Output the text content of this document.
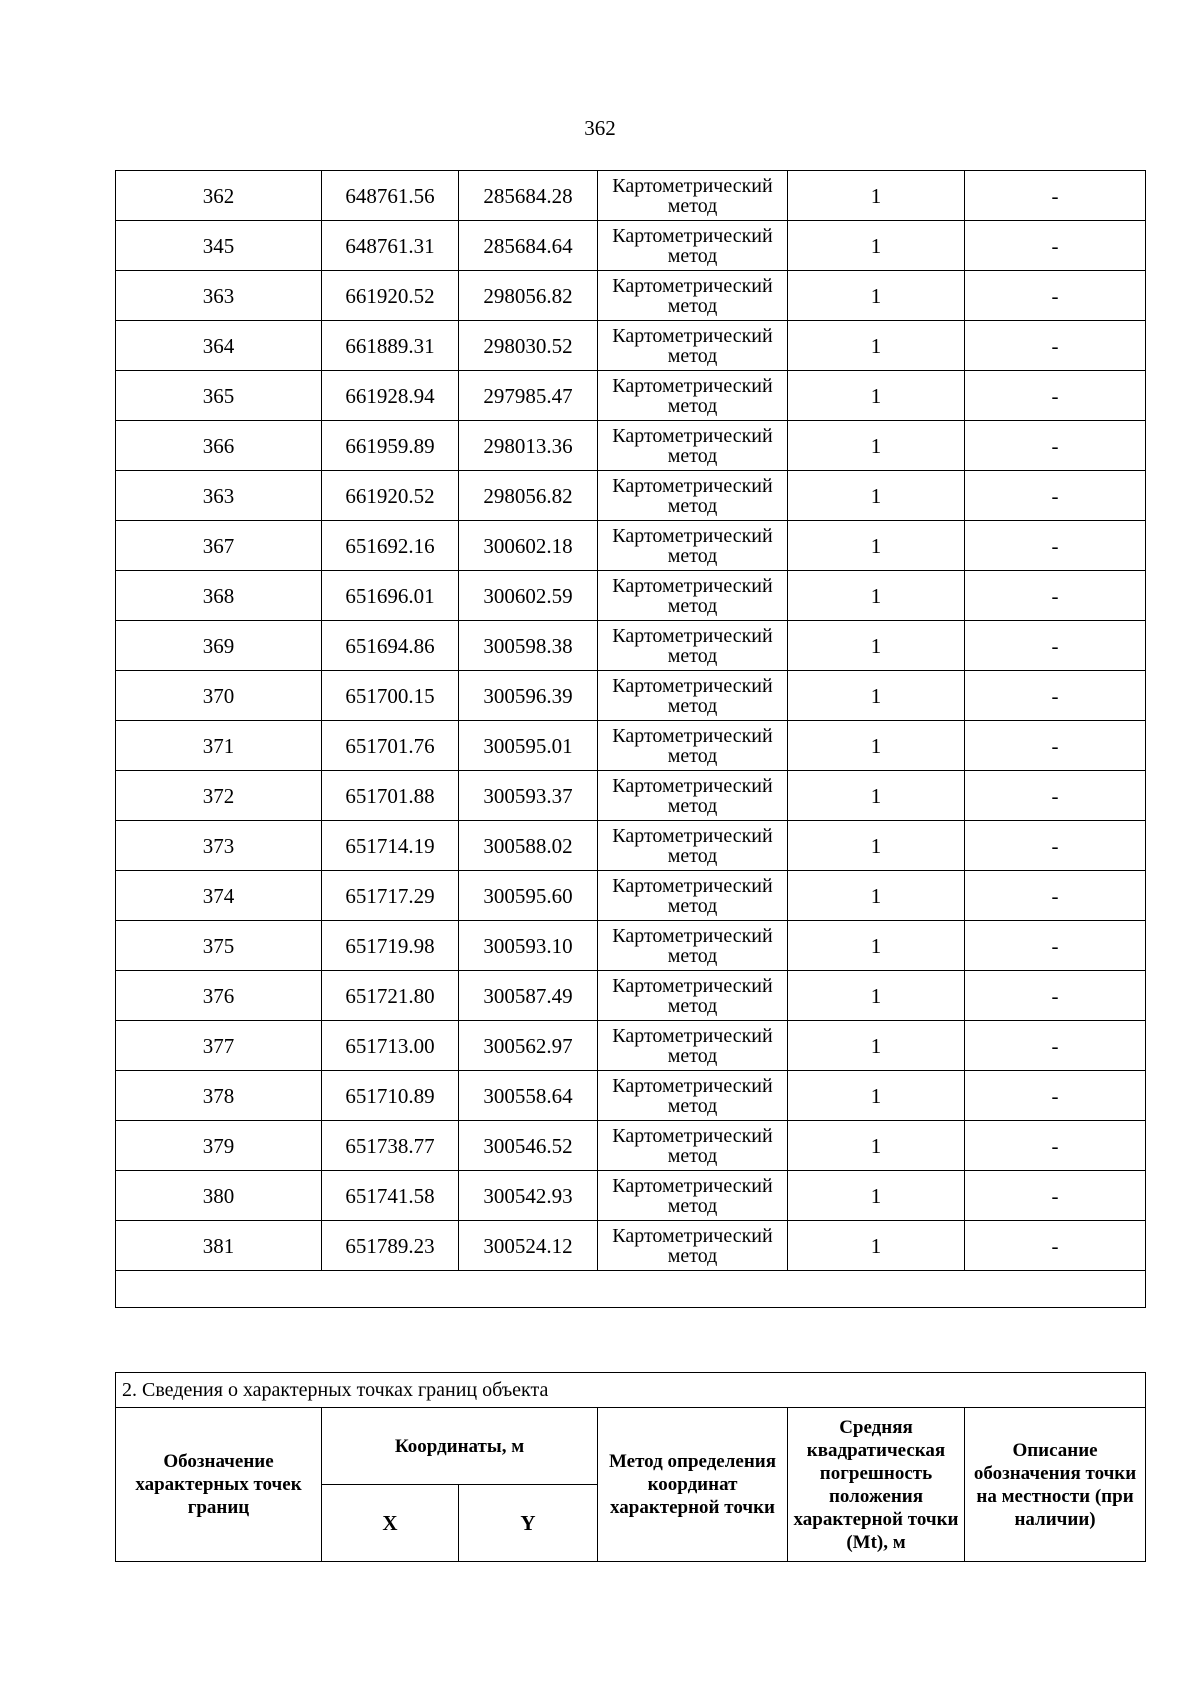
362
362	648761.56	285684.28	Картометрический метод	1	-
345	648761.31	285684.64	Картометрический метод	1	-
363	661920.52	298056.82	Картометрический метод	1	-
364	661889.31	298030.52	Картометрический метод	1	-
365	661928.94	297985.47	Картометрический метод	1	-
366	661959.89	298013.36	Картометрический метод	1	-
363	661920.52	298056.82	Картометрический метод	1	-
367	651692.16	300602.18	Картометрический метод	1	-
368	651696.01	300602.59	Картометрический метод	1	-
369	651694.86	300598.38	Картометрический метод	1	-
370	651700.15	300596.39	Картометрический метод	1	-
371	651701.76	300595.01	Картометрический метод	1	-
372	651701.88	300593.37	Картометрический метод	1	-
373	651714.19	300588.02	Картометрический метод	1	-
374	651717.29	300595.60	Картометрический метод	1	-
375	651719.98	300593.10	Картометрический метод	1	-
376	651721.80	300587.49	Картометрический метод	1	-
377	651713.00	300562.97	Картометрический метод	1	-
378	651710.89	300558.64	Картометрический метод	1	-
379	651738.77	300546.52	Картометрический метод	1	-
380	651741.58	300542.93	Картометрический метод	1	-
381	651789.23	300524.12	Картометрический метод	1	-

2. Сведения о характерных точках границ объекта					
Обозначение характерных точек границ	Координаты, м		Метод определения координат характерной точки	Средняя квадратическая погрешность положения характерной точки (Mt), м	Описание обозначения точки на местности (при наличии)
	X	Y			
